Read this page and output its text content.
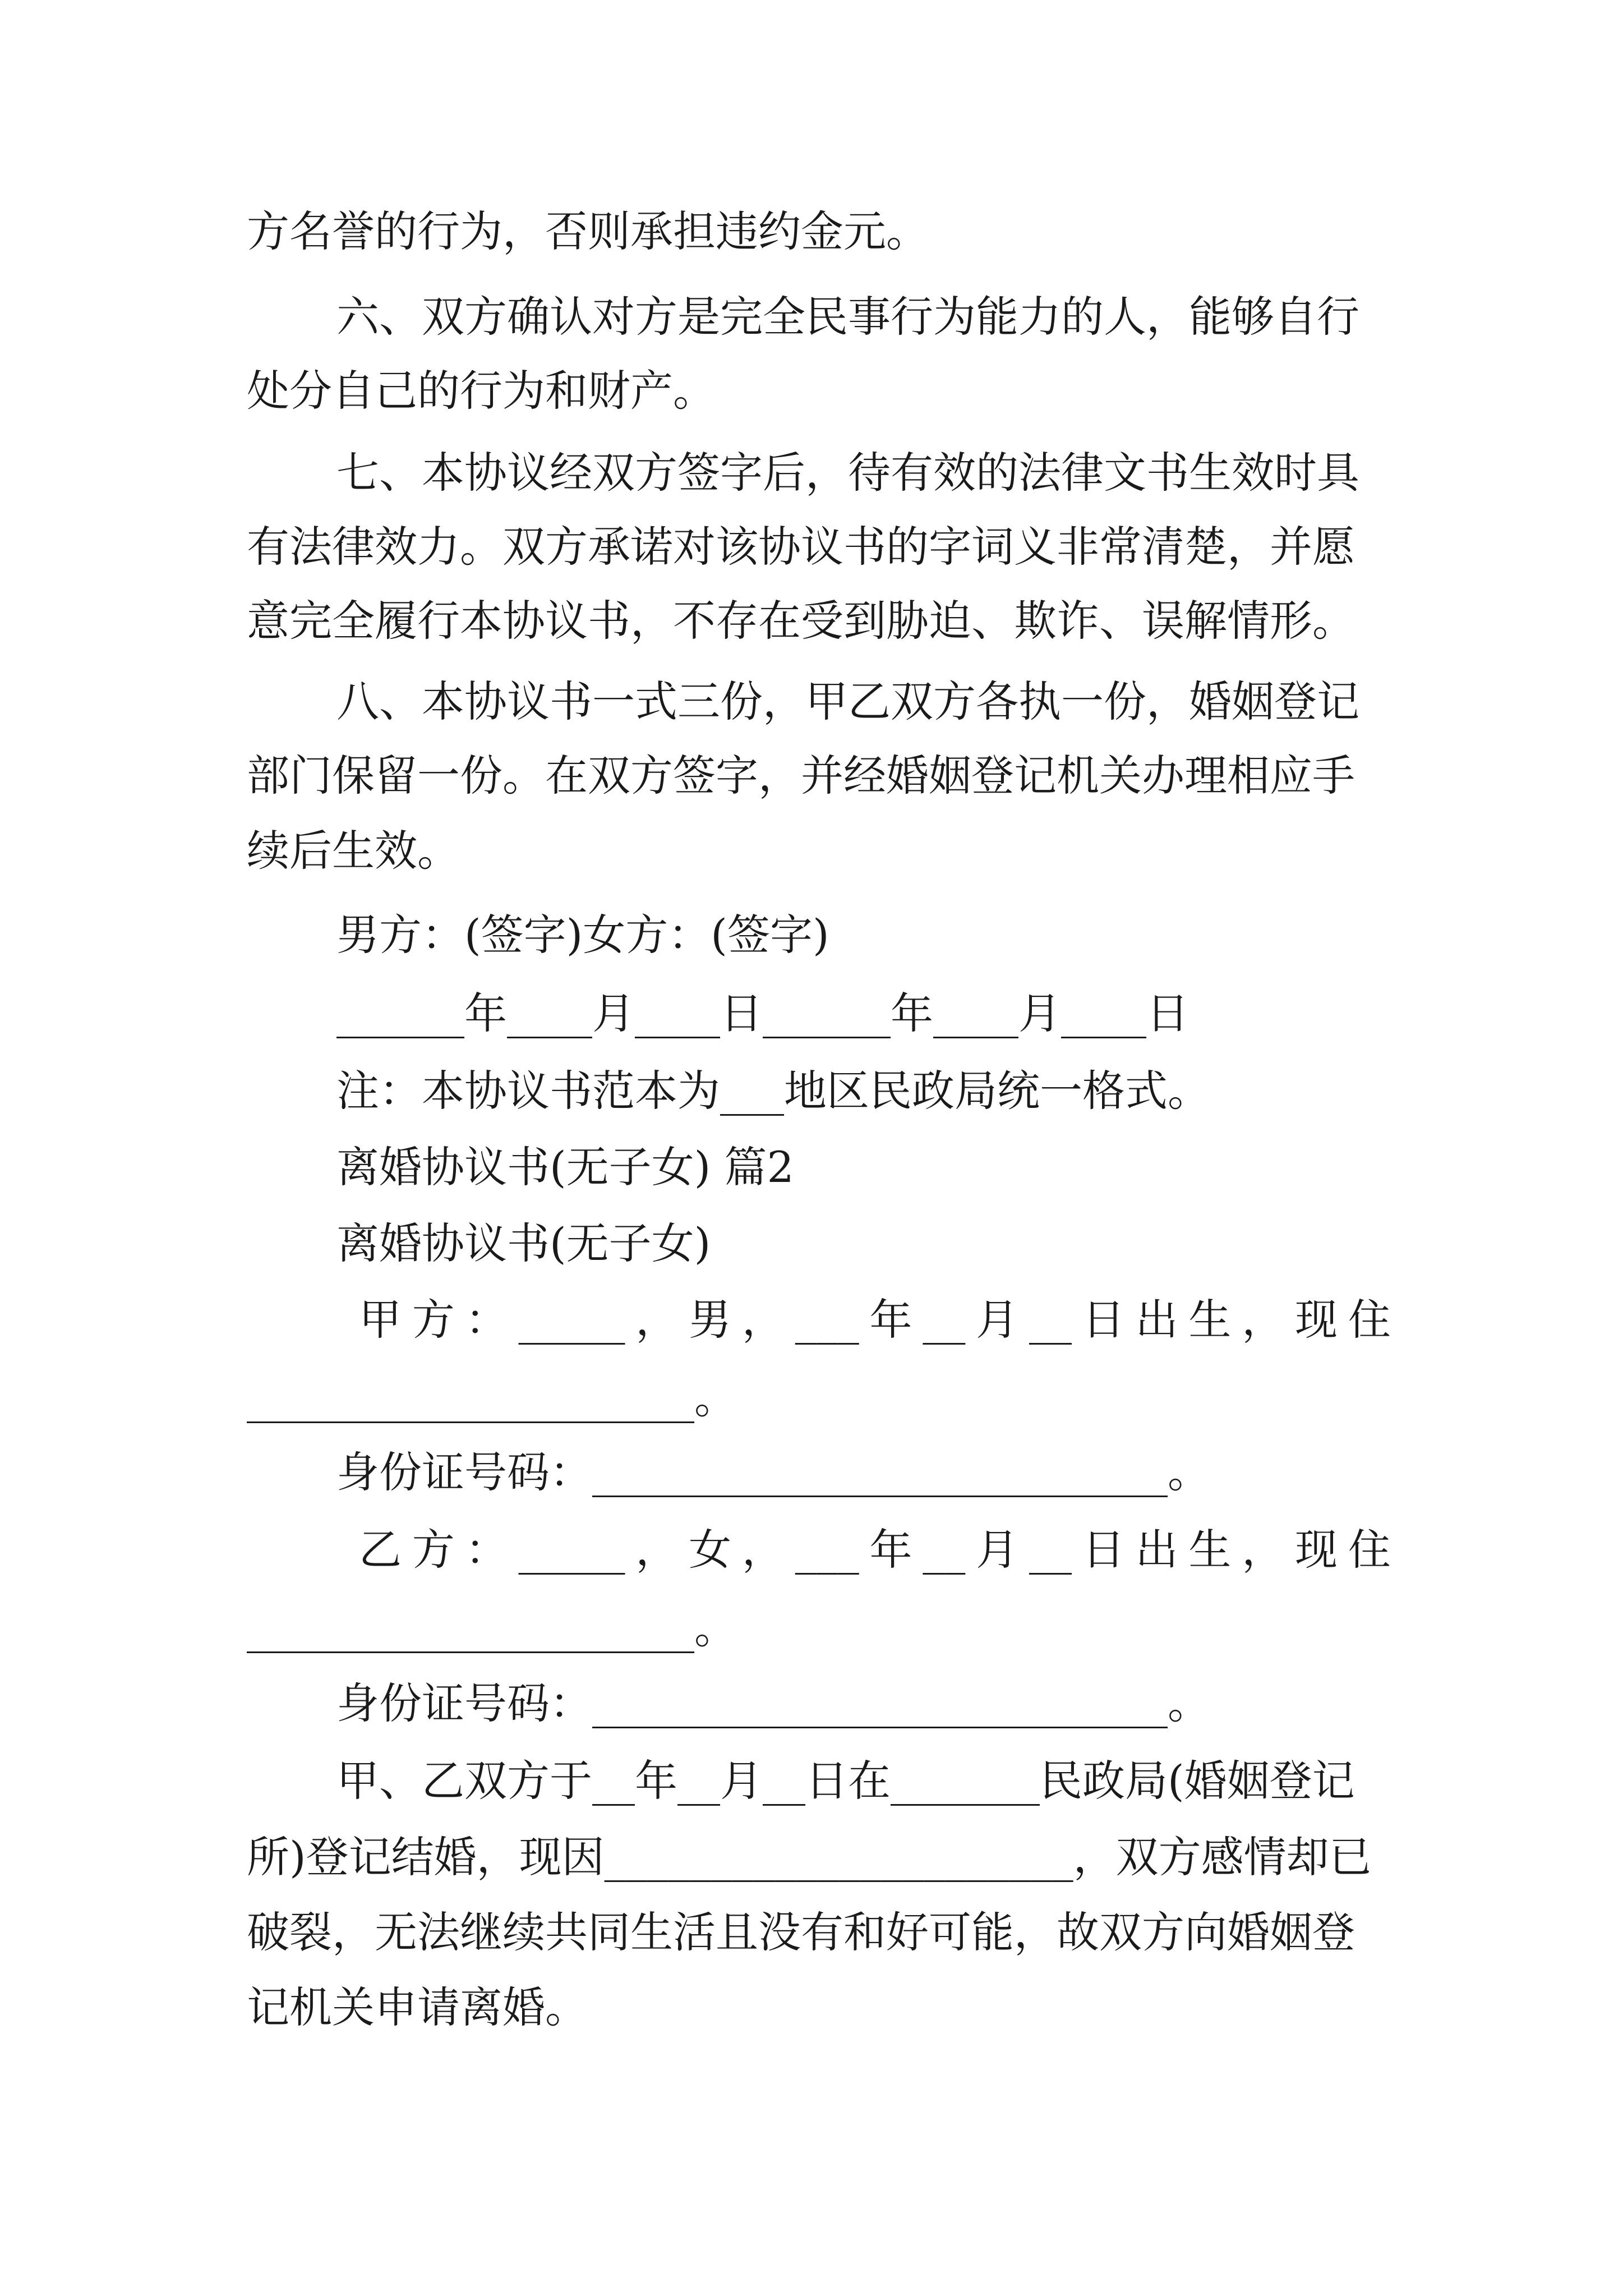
方名誉的行为，否则承担违约金元。

六、双方确认对方是完全民事行为能力的人，能够自行

处分自己的行为和财产。

七、本协议经双方签字后，待有效的法律文书生效时具

有法律效力。双方承诺对该协议书的字词义非常清楚，并愿

意完全履行本协议书，不存在受到胁迫、欺诈、误解情形。

八、本协议书一式三份，甲乙双方各执一份，婚姻登记

部门保留一份。在双方签字，并经婚姻登记机关办理相应手

续后生效。

男方：(签字)女方：(签字)

______年____月____日______年____月____日

注：本协议书范本为___地区民政局统一格式。

离婚协议书(无子女) 篇2

离婚协议书(无子女)

甲 方 ： _____ ， 男 ， ___ 年 __ 月 __ 日 出 生 ， 现 住

_____________________。

身份证号码：___________________________。

乙 方 ： _____ ， 女 ， ___ 年 __ 月 __ 日 出 生 ， 现 住

_____________________。

身份证号码：___________________________。

甲、乙双方于__年__月__日在_______民政局(婚姻登记

所)登记结婚，现因______________________，双方感情却已

破裂，无法继续共同生活且没有和好可能，故双方向婚姻登

记机关申请离婚。
